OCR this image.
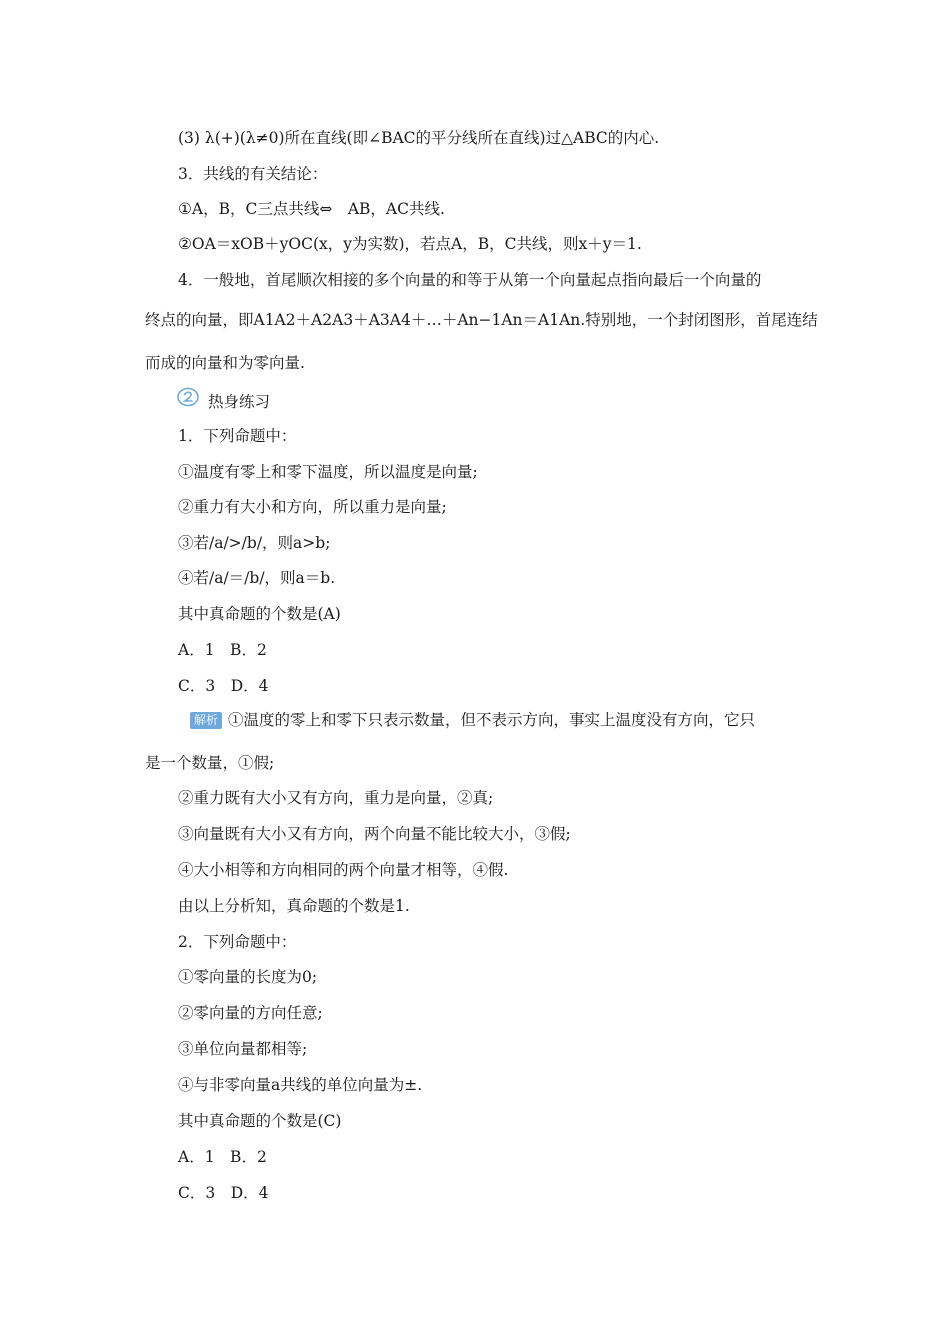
(3) λ(+)(λ≠0)所在直线(即∠BAC的平分线所在直线)过△ABC的内心.
3．共线的有关结论：
①A，B，C三点共线⇔　AB，AC共线.
②OA＝xOB＋yOC(x，y为实数)，若点A，B，C共线，则x＋y＝1.
4．一般地，首尾顺次相接的多个向量的和等于从第一个向量起点指向最后一个向量的
终点的向量，即A1A2＋A2A3＋A3A4＋…＋An−1An＝A1An.特别地，一个封闭图形，首尾连结
而成的向量和为零向量.
热身练习
1．下列命题中：
①温度有零上和零下温度，所以温度是向量;
②重力有大小和方向，所以重力是向量;
③若/a/>/b/，则a>b;
④若/a/＝/b/，则a＝b.
其中真命题的个数是(A)
A．1　B．2
C．3　D．4
解析 ①温度的零上和零下只表示数量，但不表示方向，事实上温度没有方向，它只
是一个数量，①假;
②重力既有大小又有方向，重力是向量，②真;
③向量既有大小又有方向，两个向量不能比较大小，③假;
④大小相等和方向相同的两个向量才相等，④假.
由以上分析知，真命题的个数是1.
2．下列命题中：
①零向量的长度为0;
②零向量的方向任意;
③单位向量都相等;
④与非零向量a共线的单位向量为±.
其中真命题的个数是(C)
A．1　B．2
C．3　D．4
